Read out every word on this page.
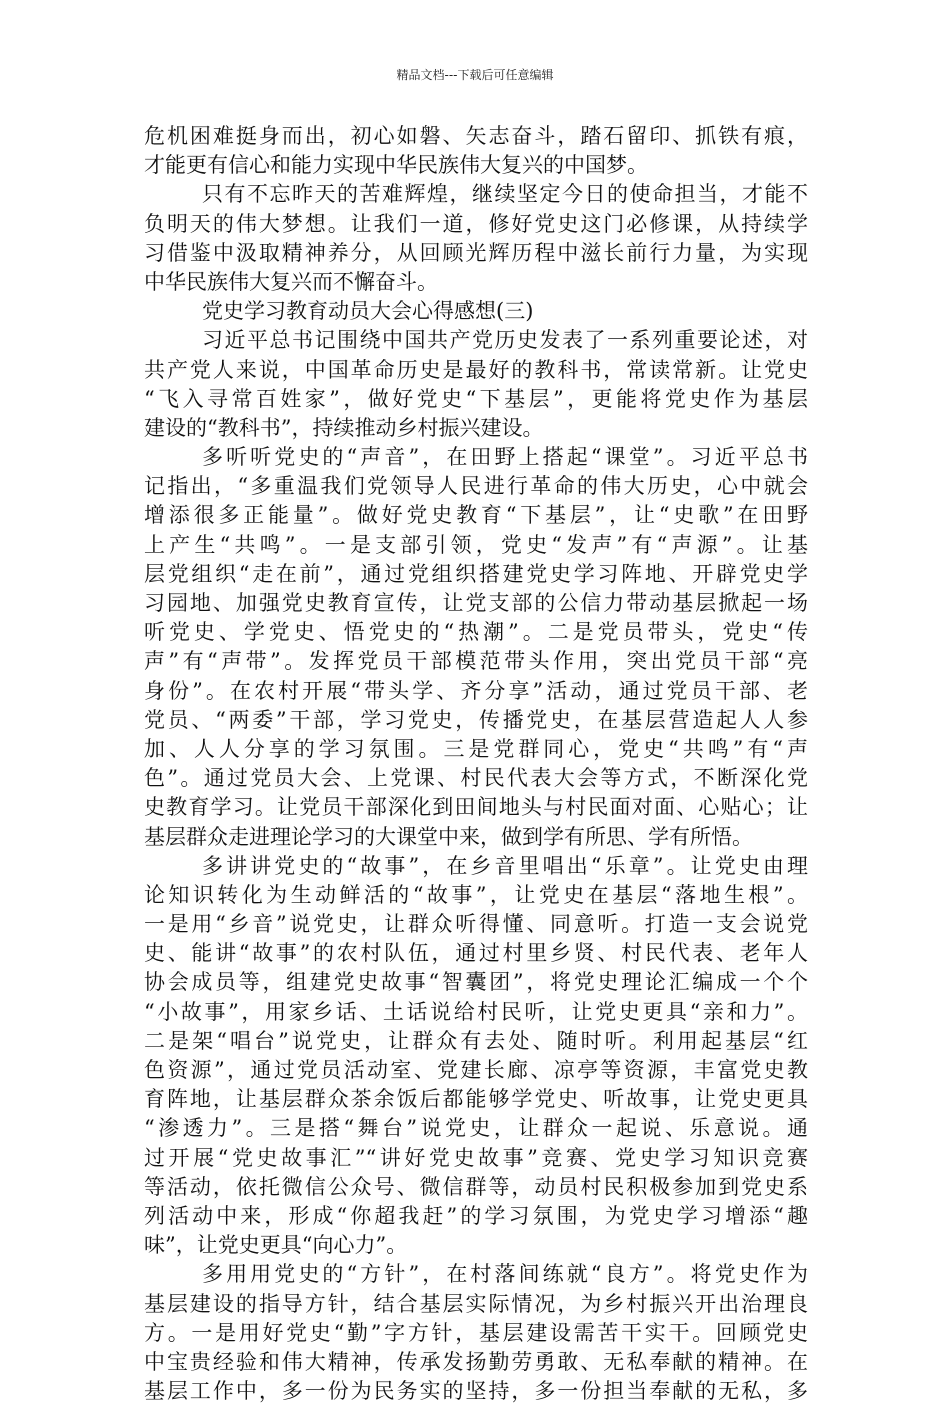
精品文档---下载后可任意编辑
危机困难挺身而出，初心如磐、矢志奋斗，踏石留印、抓铁有痕，
才能更有信心和能力实现中华民族伟大复兴的中国梦。
只有不忘昨天的苦难辉煌，继续坚定今日的使命担当，才能不
负明天的伟大梦想。让我们一道，修好党史这门必修课，从持续学
习借鉴中汲取精神养分，从回顾光辉历程中滋长前行力量，为实现
中华民族伟大复兴而不懈奋斗。
党史学习教育动员大会心得感想(三)
习近平总书记围绕中国共产党历史发表了一系列重要论述，对
共产党人来说，中国革命历史是最好的教科书，常读常新。让党史
“飞入寻常百姓家”，做好党史“下基层”，更能将党史作为基层
建设的“教科书”，持续推动乡村振兴建设。
多听听党史的“声音”，在田野上搭起“课堂”。习近平总书
记指出，“多重温我们党领导人民进行革命的伟大历史，心中就会
增添很多正能量”。做好党史教育“下基层”，让“史歌”在田野
上产生“共鸣”。一是支部引领，党史“发声”有“声源”。让基
层党组织“走在前”，通过党组织搭建党史学习阵地、开辟党史学
习园地、加强党史教育宣传，让党支部的公信力带动基层掀起一场
听党史、学党史、悟党史的“热潮”。二是党员带头，党史“传
声”有“声带”。发挥党员干部模范带头作用，突出党员干部“亮
身份”。在农村开展“带头学、齐分享”活动，通过党员干部、老
党员、“两委”干部，学习党史，传播党史，在基层营造起人人参
加、人人分享的学习氛围。三是党群同心，党史“共鸣”有“声
色”。通过党员大会、上党课、村民代表大会等方式，不断深化党
史教育学习。让党员干部深化到田间地头与村民面对面、心贴心；让
基层群众走进理论学习的大课堂中来，做到学有所思、学有所悟。
多讲讲党史的“故事”，在乡音里唱出“乐章”。让党史由理
论知识转化为生动鲜活的“故事”，让党史在基层“落地生根”。
一是用“乡音”说党史，让群众听得懂、同意听。打造一支会说党
史、能讲“故事”的农村队伍，通过村里乡贤、村民代表、老年人
协会成员等，组建党史故事“智囊团”，将党史理论汇编成一个个
“小故事”，用家乡话、土话说给村民听，让党史更具“亲和力”。
二是架“唱台”说党史，让群众有去处、随时听。利用起基层“红
色资源”，通过党员活动室、党建长廊、凉亭等资源，丰富党史教
育阵地，让基层群众茶余饭后都能够学党史、听故事，让党史更具
“渗透力”。三是搭“舞台”说党史，让群众一起说、乐意说。通
过开展“党史故事汇”“讲好党史故事”竞赛、党史学习知识竞赛
等活动，依托微信公众号、微信群等，动员村民积极参加到党史系
列活动中来，形成“你超我赶”的学习氛围，为党史学习增添“趣
味”，让党史更具“向心力”。
多用用党史的“方针”，在村落间练就“良方”。将党史作为
基层建设的指导方针，结合基层实际情况，为乡村振兴开出治理良
方。一是用好党史“勤”字方针，基层建设需苦干实干。回顾党史
中宝贵经验和伟大精神，传承发扬勤劳勇敢、无私奉献的精神。在
基层工作中，多一份为民务实的坚持，多一份担当奉献的无私，多
